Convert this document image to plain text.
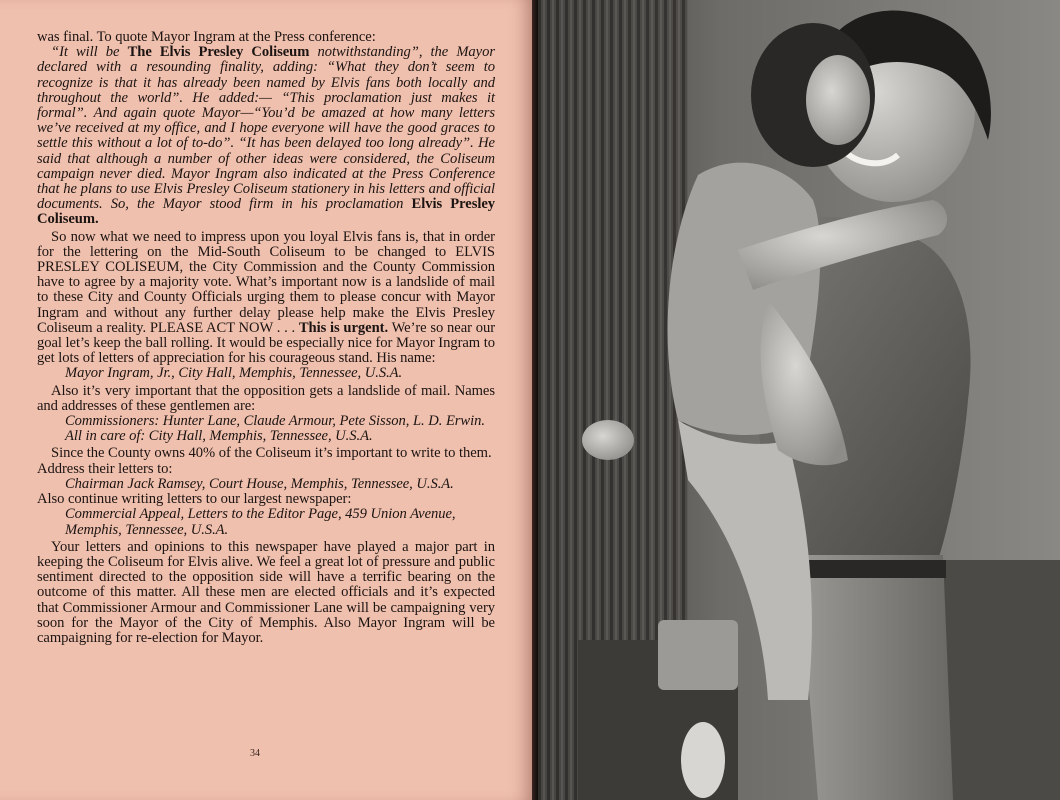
was final. To quote Mayor Ingram at the Press conference:

“It will be The Elvis Presley Coliseum notwithstanding”, the Mayor declared with a resounding finality, adding: “What they don’t seem to recognize is that it has already been named by Elvis fans both locally and throughout the world”. He added:— “This proclamation just makes it formal”. And again quote Mayor—“You’d be amazed at how many letters we’ve received at my office, and I hope everyone will have the good graces to settle this without a lot of to-do”. “It has been delayed too long already”. He said that although a number of other ideas were considered, the Coliseum campaign never died. Mayor Ingram also indicated at the Press Conference that he plans to use Elvis Presley Coliseum stationery in his letters and official documents. So, the Mayor stood firm in his proclamation Elvis Presley Coliseum.

So now what we need to impress upon you loyal Elvis fans is, that in order for the lettering on the Mid-South Coliseum to be changed to ELVIS PRESLEY COLISEUM, the City Commission and the County Commission have to agree by a majority vote. What’s important now is a landslide of mail to these City and County Officials urging them to please concur with Mayor Ingram and without any further delay please help make the Elvis Presley Coliseum a reality. PLEASE ACT NOW . . . This is urgent. We’re so near our goal let’s keep the ball rolling. It would be especially nice for Mayor Ingram to get lots of letters of appreciation for his courageous stand. His name:

Mayor Ingram, Jr., City Hall, Memphis, Tennessee, U.S.A.

Also it’s very important that the opposition gets a landslide of mail. Names and addresses of these gentlemen are:

Commissioners: Hunter Lane, Claude Armour, Pete Sisson, L. D. Erwin.

All in care of: City Hall, Memphis, Tennessee, U.S.A.

Since the County owns 40% of the Coliseum it’s important to write to them.

Address their letters to:

Chairman Jack Ramsey, Court House, Memphis, Tennessee, U.S.A.

Also continue writing letters to our largest newspaper:

Commercial Appeal, Letters to the Editor Page, 459 Union Avenue, Memphis, Tennessee, U.S.A.

Your letters and opinions to this newspaper have played a major part in keeping the Coliseum for Elvis alive. We feel a great lot of pressure and public sentiment directed to the opposition side will have a terrific bearing on the outcome of this matter. All these men are elected officials and it’s expected that Commissioner Armour and Commissioner Lane will be campaigning very soon for the Mayor of the City of Memphis. Also Mayor Ingram will be campaigning for re-election for Mayor.

34
